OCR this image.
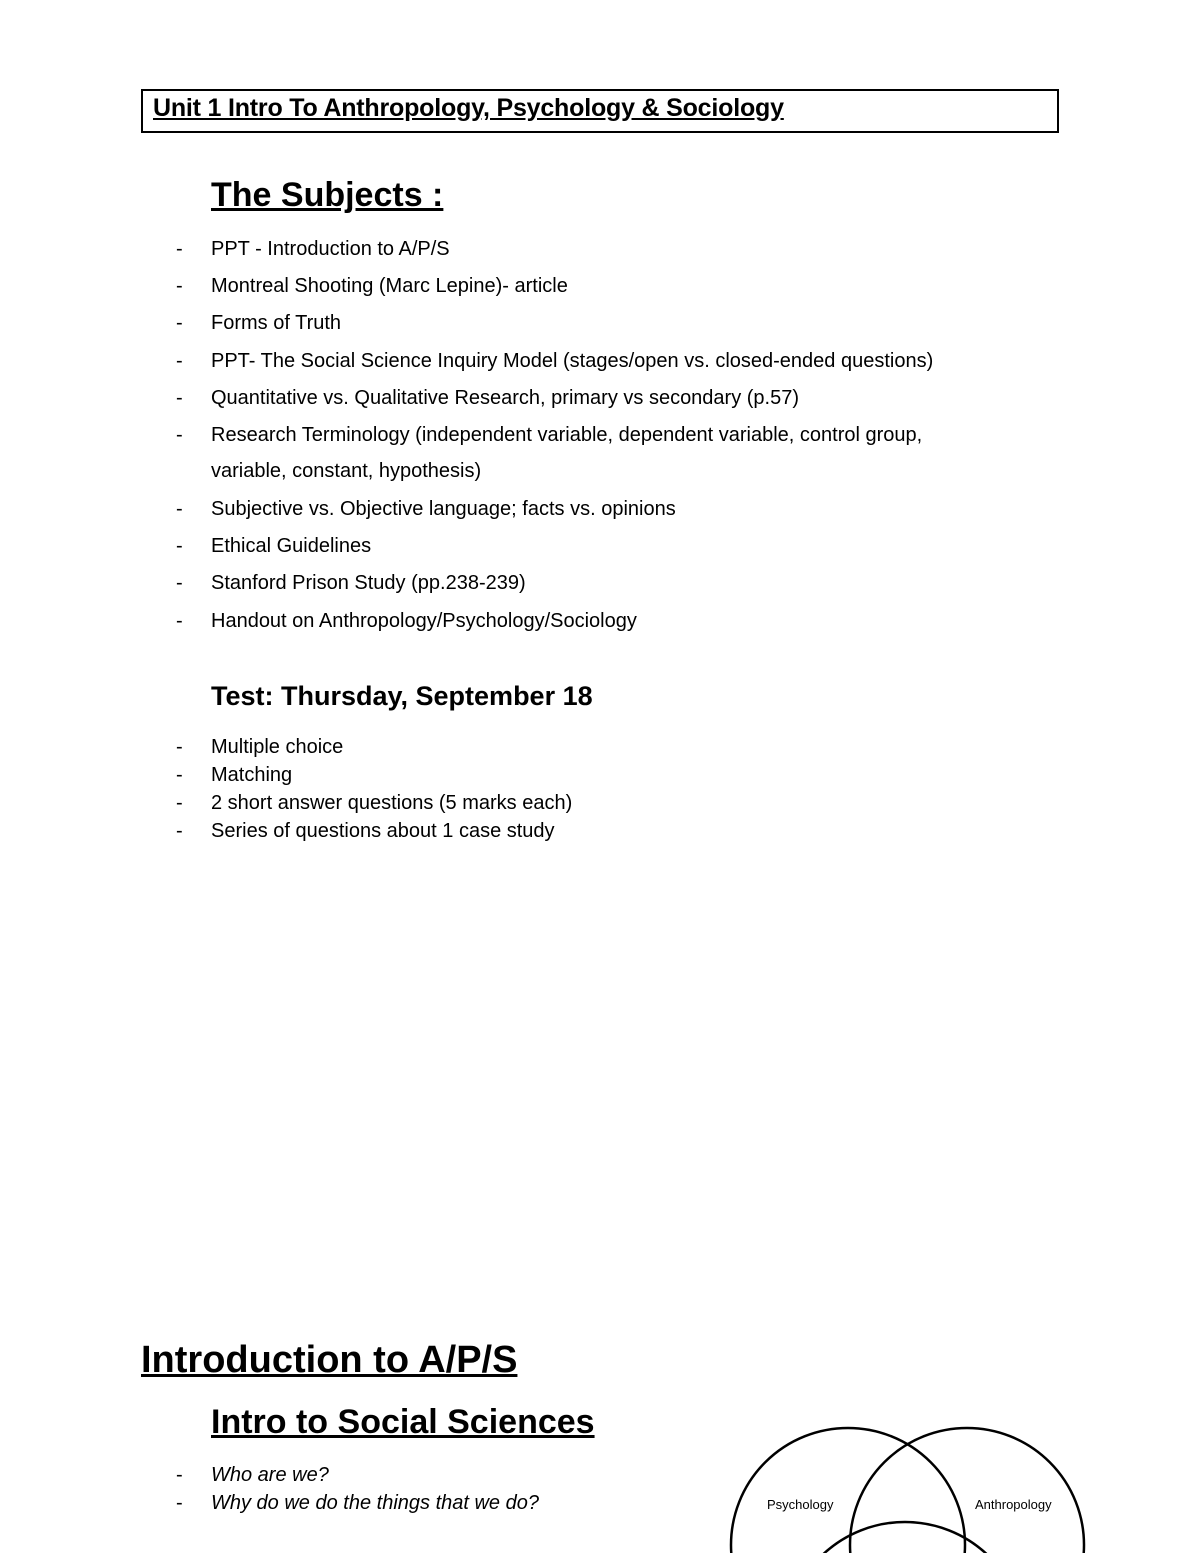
Unit 1 Intro To Anthropology, Psychology & Sociology
The Subjects :
- PPT - Introduction to A/P/S
- Montreal Shooting (Marc Lepine)- article
- Forms of Truth
- PPT- The Social Science Inquiry Model (stages/open vs. closed-ended questions)
- Quantitative vs. Qualitative Research, primary vs secondary (p.57)
- Research Terminology (independent variable, dependent variable, control group,
variable, constant, hypothesis)
- Subjective vs. Objective language; facts vs. opinions
- Ethical Guidelines
- Stanford Prison Study (pp.238-239)
- Handout on Anthropology/Psychology/Sociology
Test: Thursday, September 18
- Multiple choice
- Matching
- 2 short answer questions (5 marks each)
- Series of questions about 1 case study
Introduction to A/P/S
Intro to Social Sciences
- Who are we?
- Why do we do the things that we do?	Psychology	Anthropology
